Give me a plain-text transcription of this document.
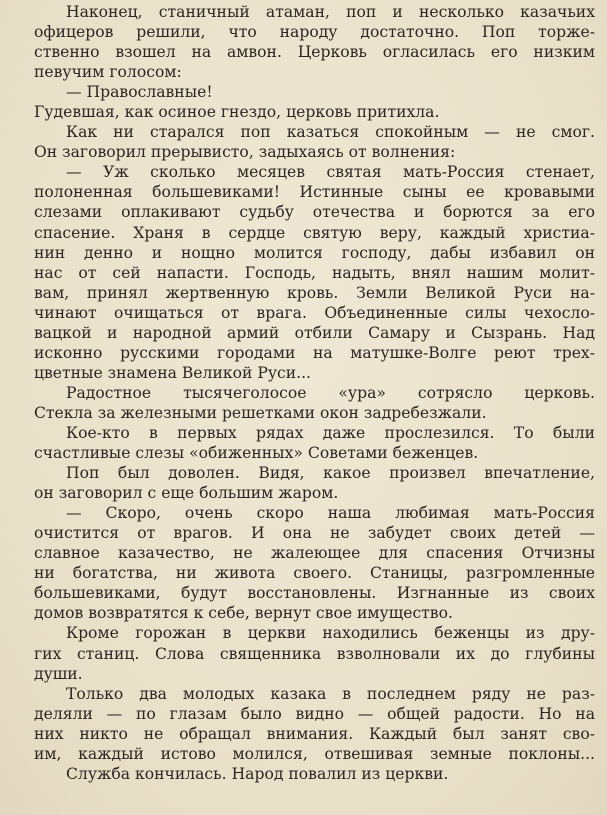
Наконец, станичный атаман, поп и несколько казачьих
офицеров решили, что народу достаточно. Поп торже-
ственно взошел на амвон. Церковь огласилась его низким
певучим голосом:
— Православные!
Гудевшая, как осиное гнездо, церковь притихла.
Как ни старался поп казаться спокойным — не смог.
Он заговорил прерывисто, задыхаясь от волнения:
— Уж сколько месяцев святая мать-Россия стенает,
полоненная большевиками! Истинные сыны ее кровавыми
слезами оплакивают судьбу отечества и борются за его
спасение. Храня в сердце святую веру, каждый христиа-
нин денно и нощно молится господу, дабы избавил он
нас от сей напасти. Господь, надыть, внял нашим молит-
вам, принял жертвенную кровь. Земли Великой Руси на-
чинают очищаться от врага. Объединенные силы чехосло-
вацкой и народной армий отбили Самару и Сызрань. Над
исконно русскими городами на матушке-Волге реют трех-
цветные знамена Великой Руси...
Радостное тысячеголосое «ура» сотрясло церковь.
Стекла за железными решетками окон задребезжали.
Кое-кто в первых рядах даже прослезился. То были
счастливые слезы «обиженных» Советами беженцев.
Поп был доволен. Видя, какое произвел впечатление,
он заговорил с еще большим жаром.
— Скоро, очень скоро наша любимая мать-Россия
очистится от врагов. И она не забудет своих детей —
славное казачество, не жалеющее для спасения Отчизны
ни богатства, ни живота своего. Станицы, разгромленные
большевиками, будут восстановлены. Изгнанные из своих
домов возвратятся к себе, вернут свое имущество.
Кроме горожан в церкви находились беженцы из дру-
гих станиц. Слова священника взволновали их до глубины
души.
Только два молодых казака в последнем ряду не раз-
деляли — по глазам было видно — общей радости. Но на
них никто не обращал внимания. Каждый был занят сво-
им, каждый истово молился, отвешивая земные поклоны...
Служба кончилась. Народ повалил из церкви.
